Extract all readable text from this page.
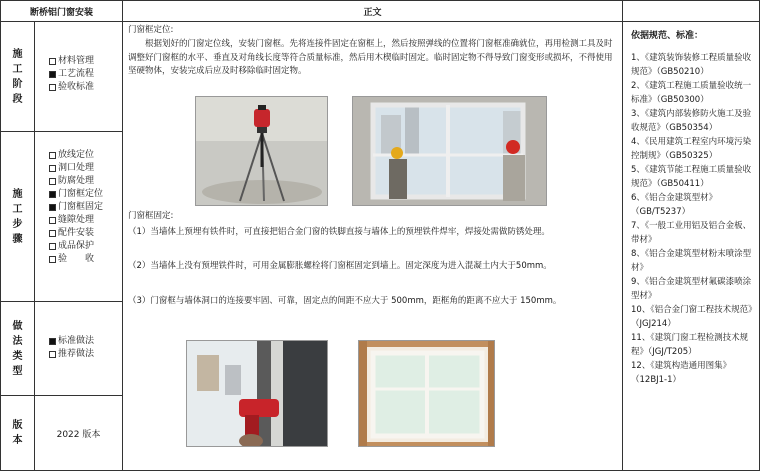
断桥铝门窗安装	正文
施
工
阶
段
材料管理
工艺流程
验收标准
施
工
步
骤
放线定位
洞口处理
防腐处理
门窗框定位
门窗框固定
缝隙处理
配件安装
成品保护
验　　收
做
法
类
型
标准做法
推荐做法
版
本
2022 版本
门窗框定位:
根据划好的门窗定位线，安装门窗框。先将连接件固定在窗框上，然后按照弹线的位置将门窗框准确就位，再用检测工具及时调整好门窗框的水平、垂直及对角线长度等符合质量标准，然后用木楔临时固定。临时固定物不得导致门窗变形或损坏，不得使用坚硬物体，安装完成后应及时移除临时固定物。
门窗框固定:
（1）当墙体上预埋有铁件时，可直接把铝合金门窗的铁脚直接与墙体上的预埋铁件焊牢，焊接处需做防锈处理。
（2）当墙体上没有预埋铁件时，可用金属膨胀螺栓将门窗框固定到墙上。固定深度为进入混凝土内大于50mm。
（3）门窗框与墙体洞口的连接要牢固、可靠，固定点的间距不应大于 500mm，距框角的距离不应大于 150mm。
依据规范、标准：
1、《建筑装饰装修工程质量验收规范》（GB50210）
2、《建筑工程施工质量验收统一标准》（GB50300）
3、《建筑内部装修防火施工及验收规范》（GB50354）
4、《民用建筑工程室内环境污染控制规》（GB50325）
5、《建筑节能工程施工质量验收规范》（GB50411）
6、《铝合金建筑型材》（GB/T5237）
7、《一般工业用铝及铝合金板、带材》
8、《铝合金建筑型材粉末喷涂型材》
9、《铝合金建筑型材氟碳漆喷涂型材》
10、《铝合金门窗工程技术规范》（JGJ214）
11、《建筑门窗工程检测技术规程》（JGJ/T205）
12、《建筑构造通用图集》（12BJ1-1）
